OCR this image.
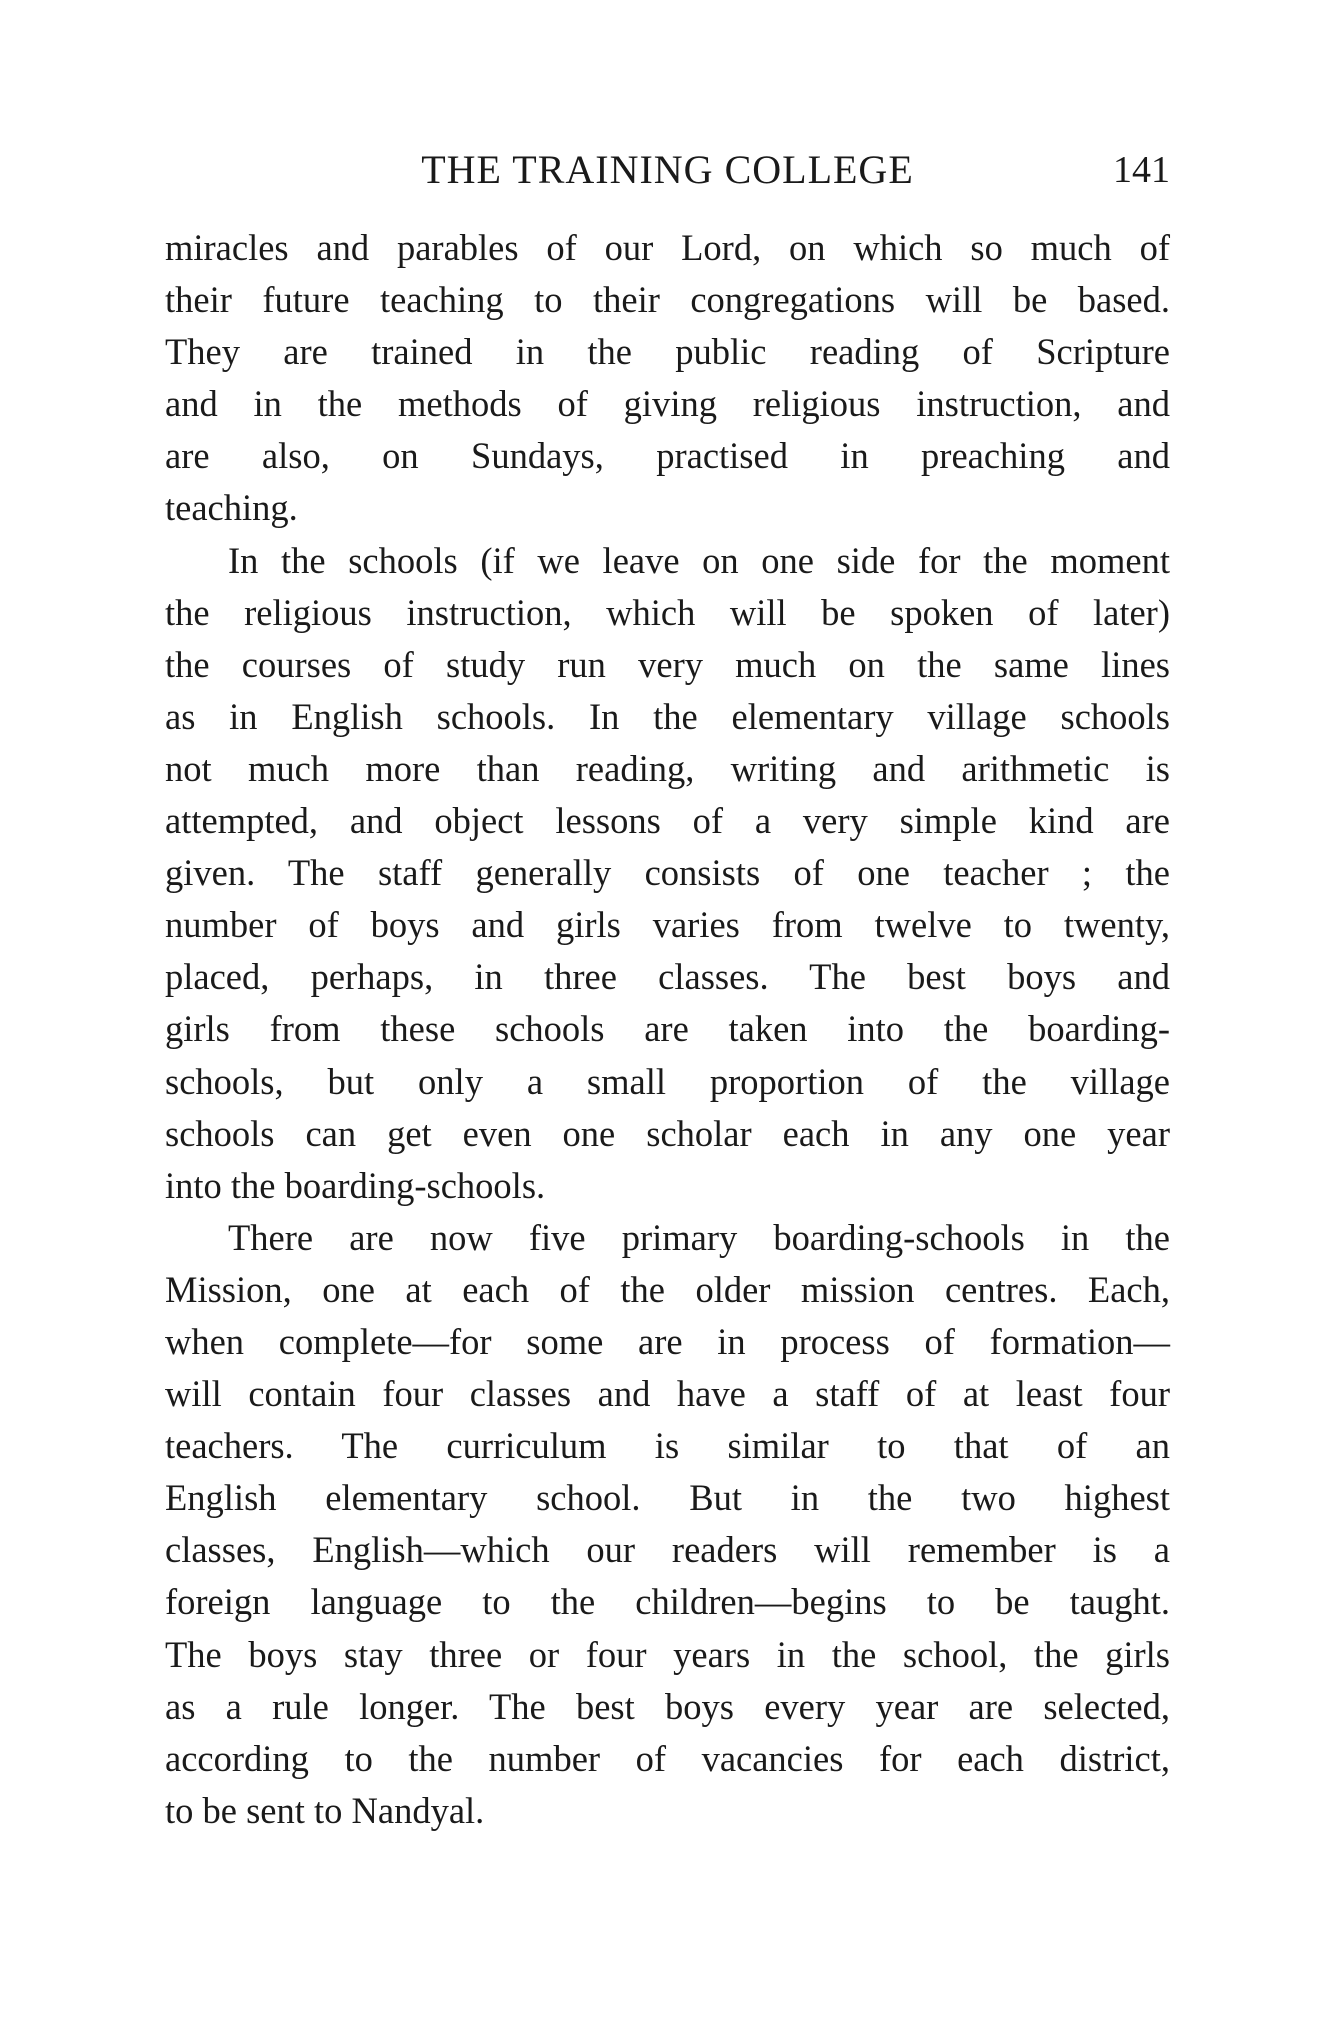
THE TRAINING COLLEGE	141
miracles and parables of our Lord, on which so much of
their future teaching to their congregations will be based.
They are trained in the public reading of Scripture
and in the methods of giving religious instruction, and
are also, on Sundays, practised in preaching and
teaching.
In the schools (if we leave on one side for the moment
the religious instruction, which will be spoken of later)
the courses of study run very much on the same lines
as in English schools. In the elementary village schools
not much more than reading, writing and arithmetic is
attempted, and object lessons of a very simple kind are
given. The staff generally consists of one teacher ; the
number of boys and girls varies from twelve to twenty,
placed, perhaps, in three classes. The best boys and
girls from these schools are taken into the boarding-
schools, but only a small proportion of the village
schools can get even one scholar each in any one year
into the boarding-schools.
There are now five primary boarding-schools in the
Mission, one at each of the older mission centres. Each,
when complete—for some are in process of formation—
will contain four classes and have a staff of at least four
teachers. The curriculum is similar to that of an
English elementary school. But in the two highest
classes, English—which our readers will remember is a
foreign language to the children—begins to be taught.
The boys stay three or four years in the school, the girls
as a rule longer. The best boys every year are selected,
according to the number of vacancies for each district,
to be sent to Nandyal.
